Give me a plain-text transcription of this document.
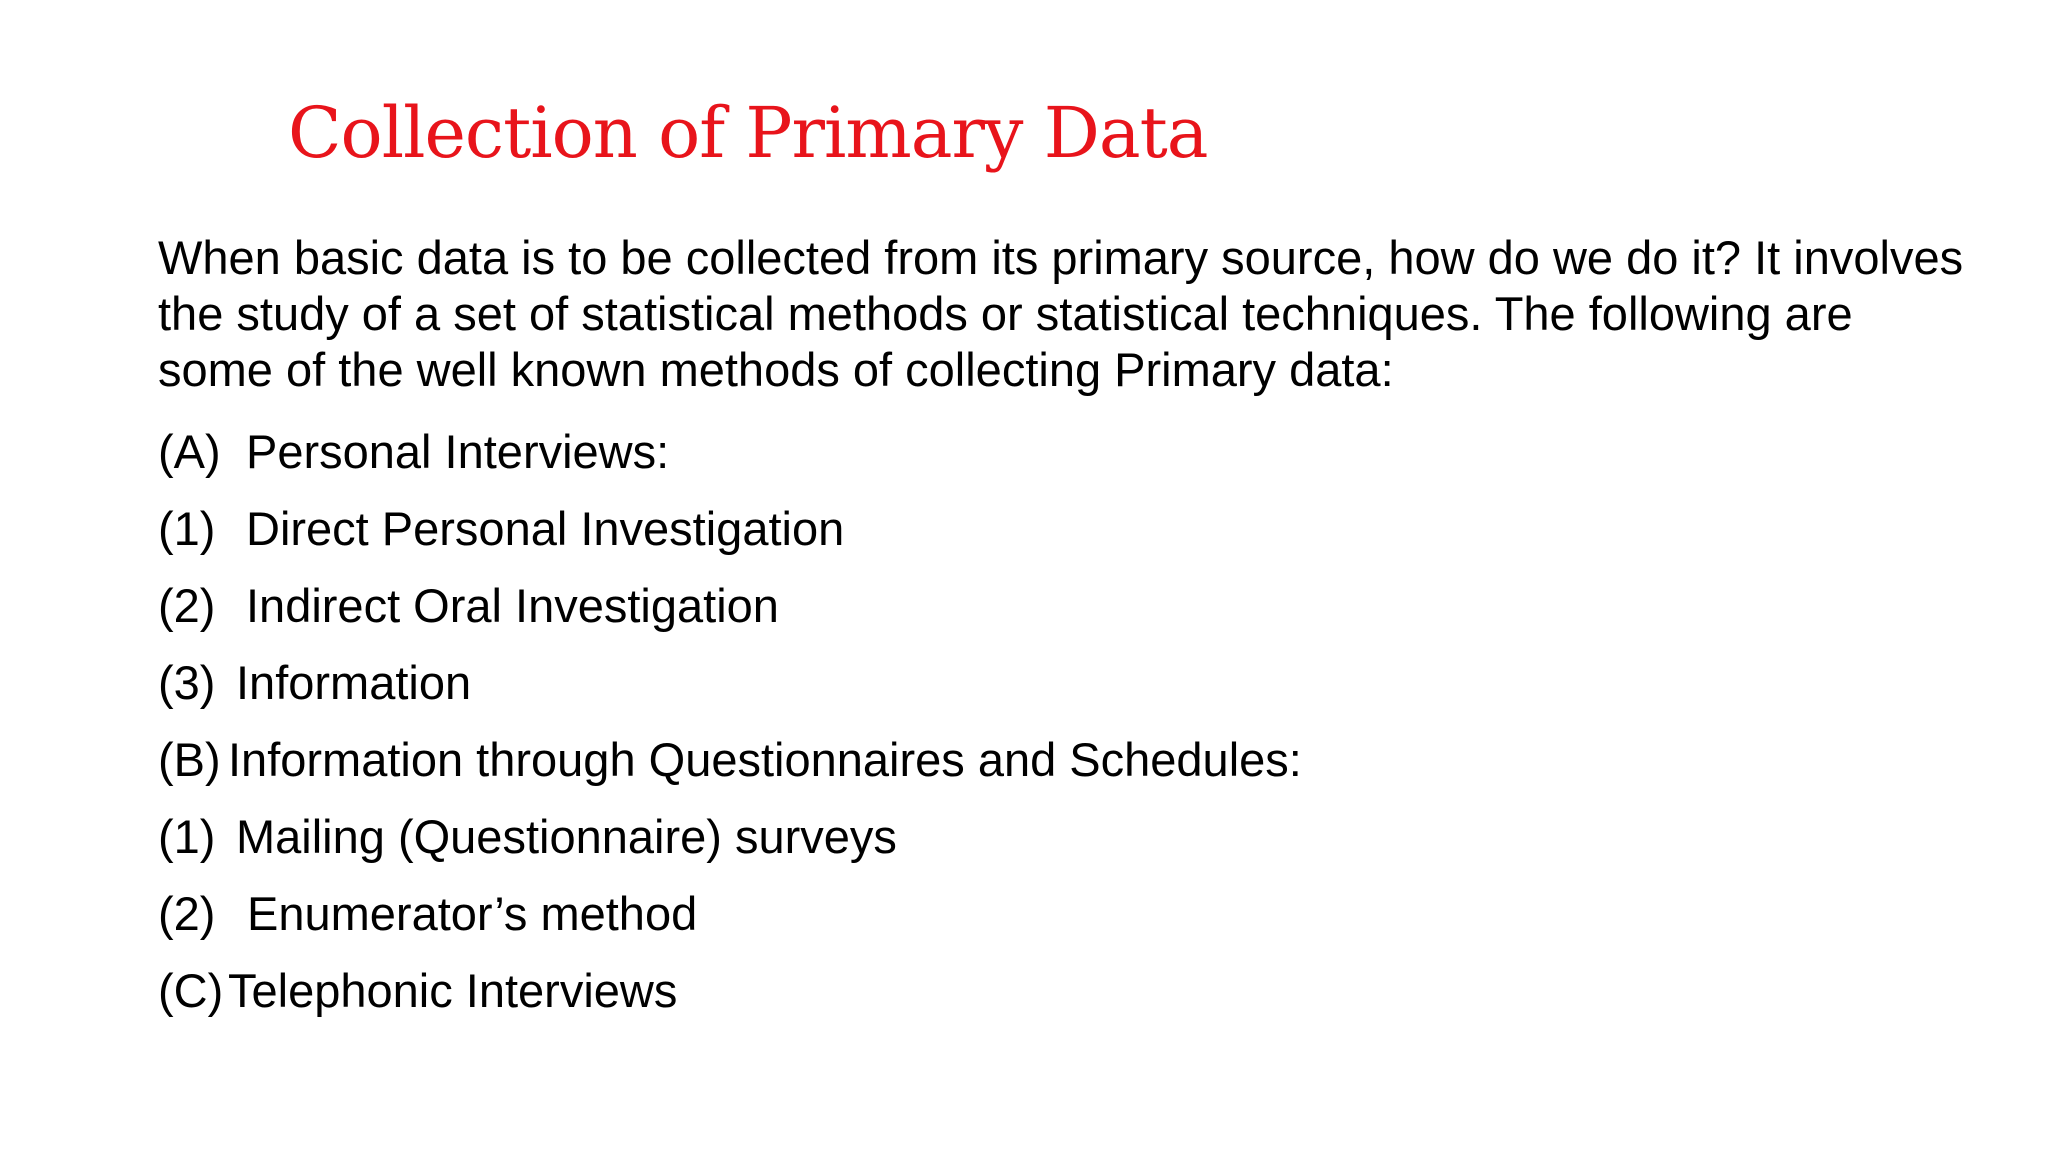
Collection of Primary Data

When basic data is to be collected from its primary source, how do we do it? It involves the study of a set of statistical methods or statistical techniques. The following are some of the well known methods of collecting Primary data:

(A) Personal Interviews:
(1) Direct Personal Investigation
(2) Indirect Oral Investigation
(3) Information
(B) Information through Questionnaires and Schedules:
(1) Mailing (Questionnaire) surveys
(2) Enumerator’s method
(C) Telephonic Interviews
